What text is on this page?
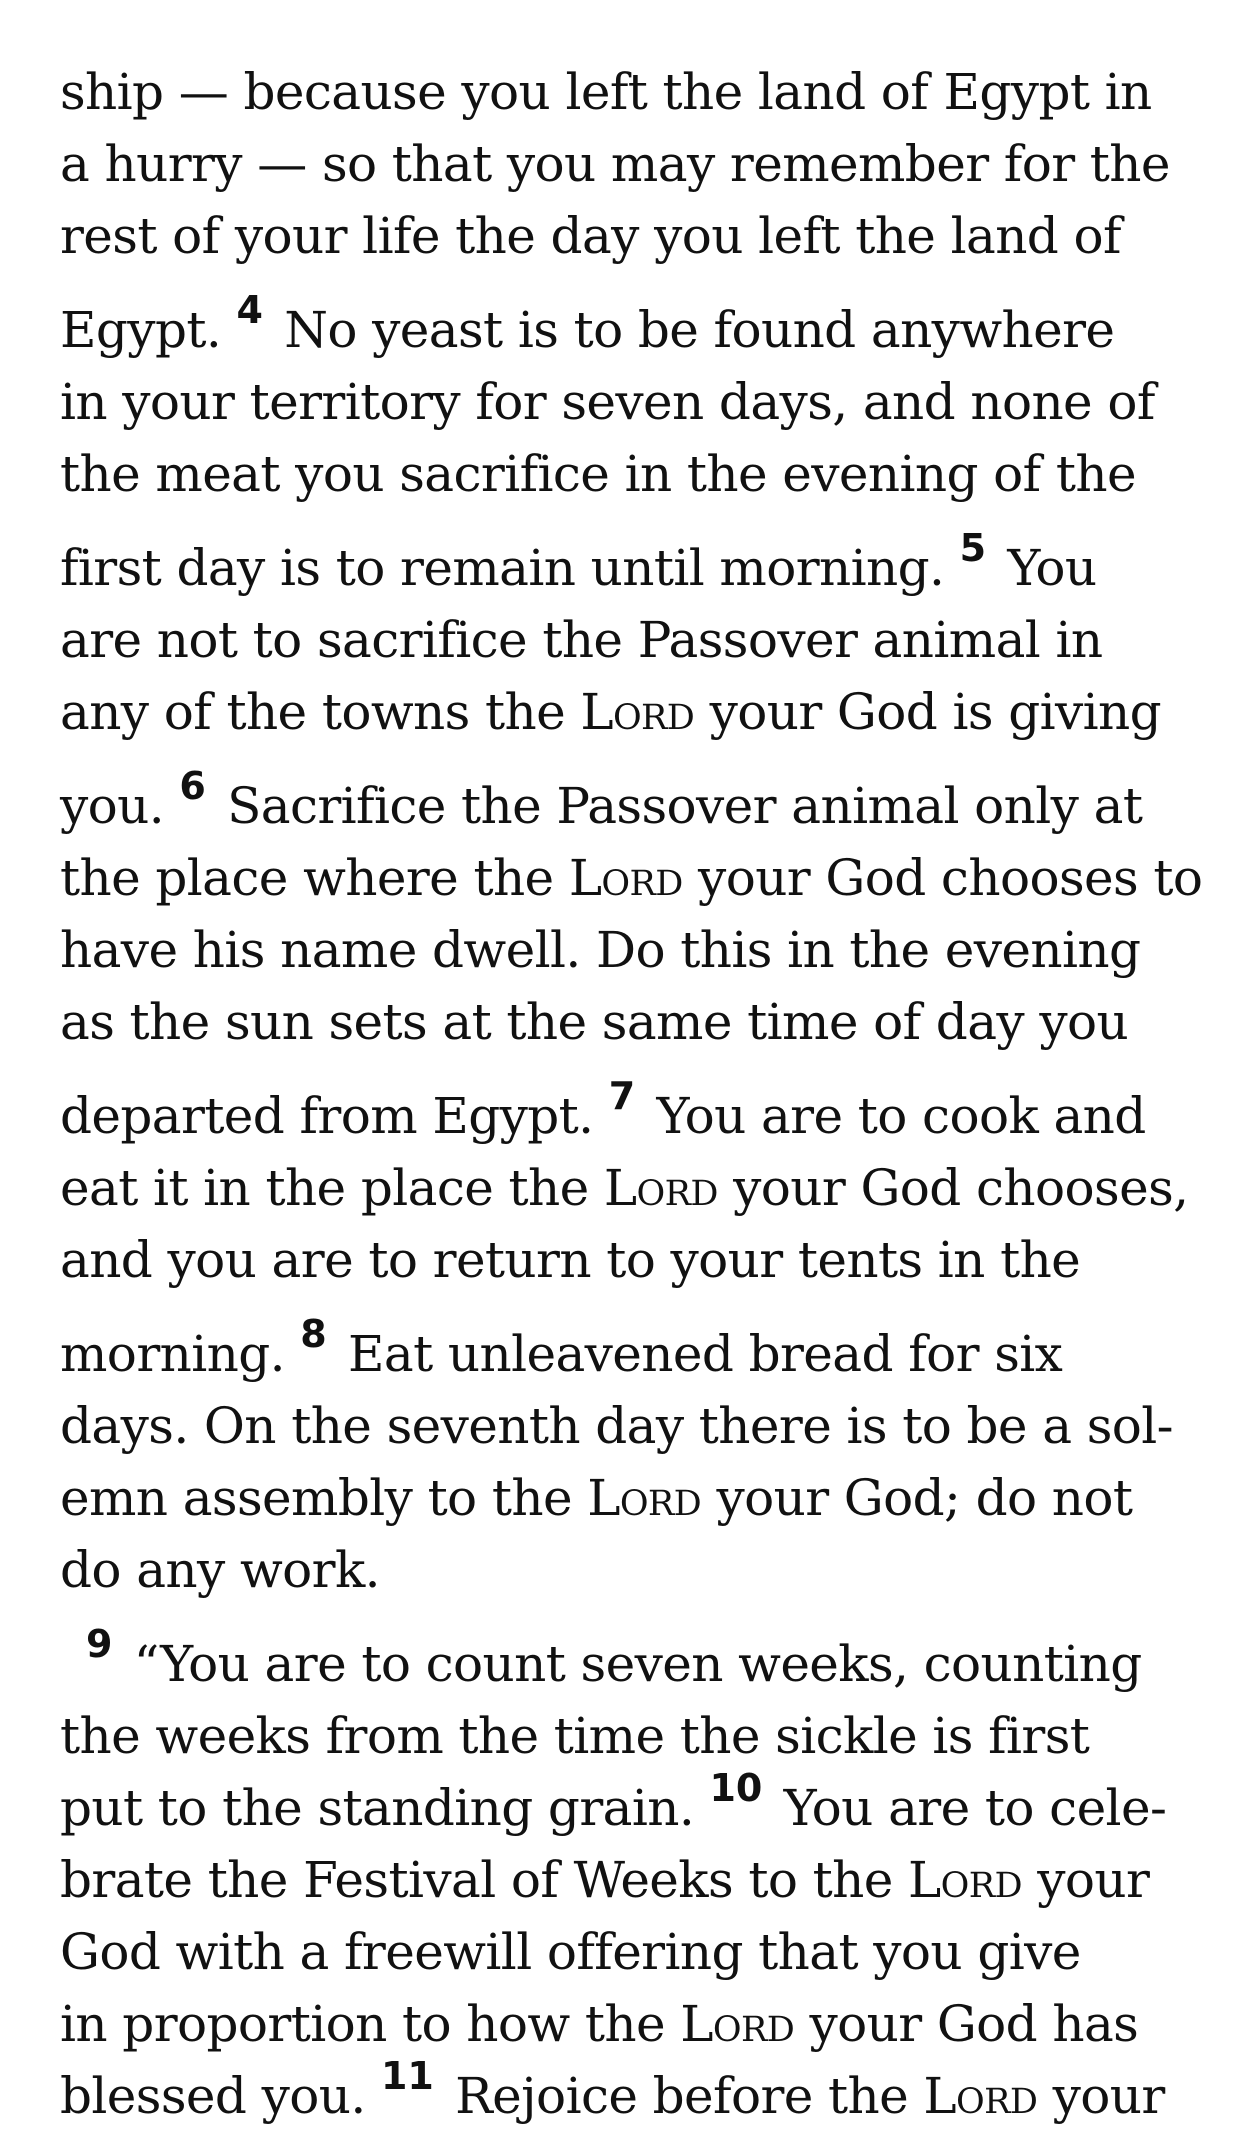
ship — because you left the land of Egypt in
a hurry — so that you may remember for the
rest of your life the day you left the land of
Egypt. $^4$ No yeast is to be found anywhere
in your territory for seven days, and none of
the meat you sacrifice in the evening of the
first day is to remain until morning. $^5$ You
are not to sacrifice the Passover animal in
any of the towns the Lord your God is giving
you. $^6$ Sacrifice the Passover animal only at
the place where the Lord your God chooses to
have his name dwell. Do this in the evening
as the sun sets at the same time of day you
departed from Egypt. $^7$ You are to cook and
eat it in the place the Lord your God chooses,
and you are to return to your tents in the
morning. $^8$ Eat unleavened bread for six
days. On the seventh day there is to be a sol-
emn assembly to the Lord your God; do not
do any work.
$^9$ “You are to count seven weeks, counting
the weeks from the time the sickle is first
put to the standing grain. $^{10}$ You are to cele-
brate the Festival of Weeks to the Lord your
God with a freewill offering that you give
in proportion to how the Lord your God has
blessed you. $^{11}$ Rejoice before the Lord your
